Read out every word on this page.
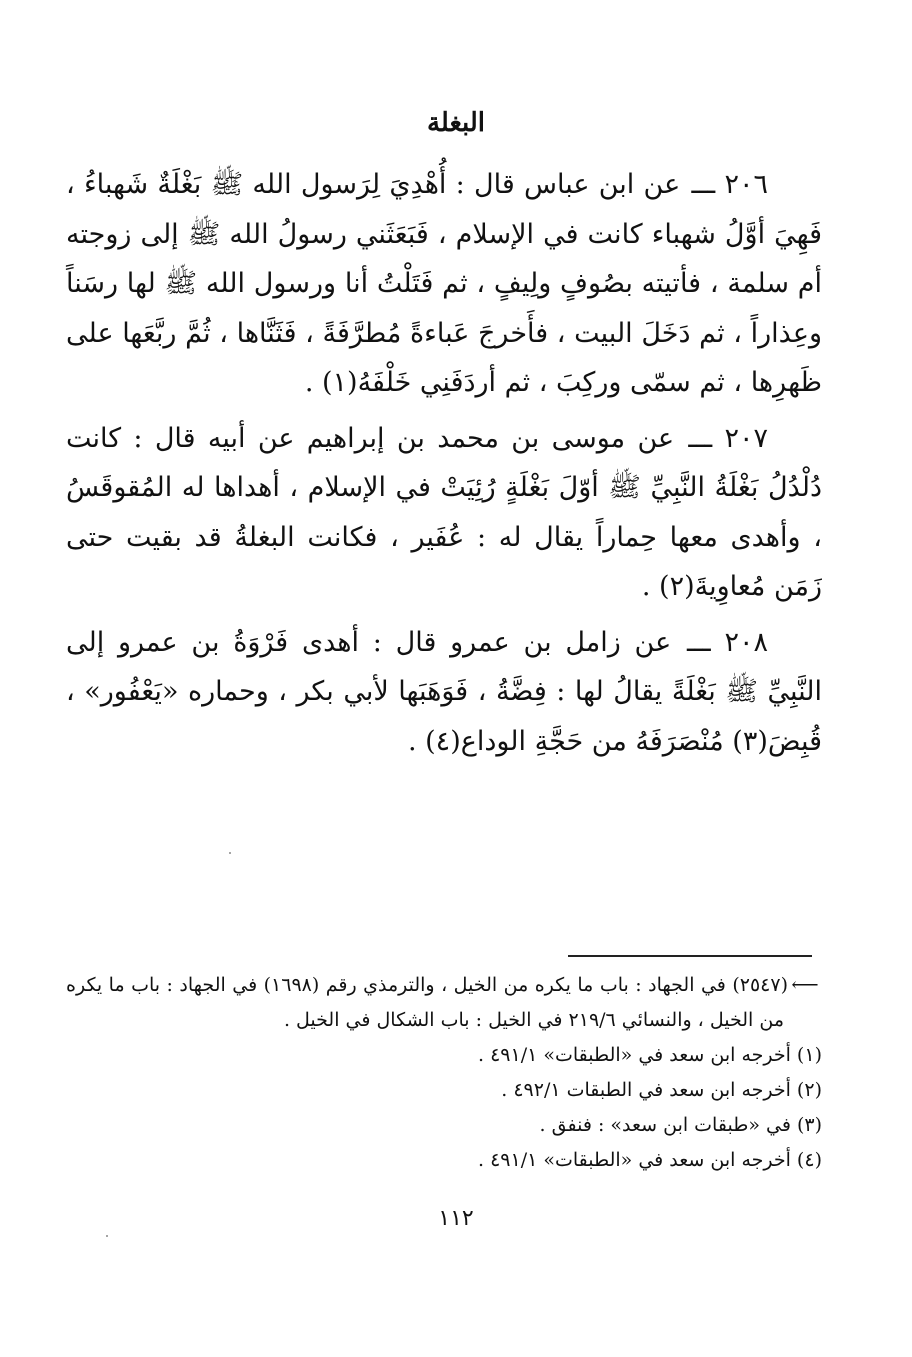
البغلة

٢٠٦ ـــ عن ابن عباس قال : أُهْدِيَ لِرَسول الله ﷺ بَغْلَةٌ شَهباءُ ، فَهِيَ أوَّلُ شهباء كانت في الإسلام ، فَبَعَثَني رسولُ الله ﷺ إلى زوجته أم سلمة ، فأتيته بصُوفٍ ولِيفٍ ، ثم فَتَلْتُ أنا ورسول الله ﷺ لها رسَناً وعِذاراً ، ثم دَخَلَ البيت ، فأَخرجَ عَباءةً مُطرَّفَةً ، فَثَنَّاها ، ثُمَّ ربَّعَها على ظَهرِها ، ثم سمّى وركِبَ ، ثم أردَفَنِي خَلْفَهُ(١) .

٢٠٧ ـــ عن موسى بن محمد بن إبراهيم عن أبيه قال : كانت دُلْدُلُ بَغْلَةُ النَّبِيِّ ﷺ أوّلَ بَغْلَةٍ رُئِيَتْ في الإسلام ، أهداها له المُقوقَسُ ، وأهدى معها حِماراً يقال له : عُفَير ، فكانت البغلةُ قد بقيت حتى زَمَن مُعاوِيةَ(٢) .

٢٠٨ ـــ عن زامل بن عمرو قال : أهدى فَرْوَةُ بن عمرو إلى النَّبِيِّ ﷺ بَغْلَةً يقالُ لها : فِضَّةُ ، فَوَهَبَها لأبي بكر ، وحماره «يَعْفُور» ، قُبِضَ(٣) مُنْصَرَفَهُ من حَجَّةِ الوداع(٤) .

⟵(٢٥٤٧) في الجهاد : باب ما يكره من الخيل ، والترمذي رقم (١٦٩٨) في الجهاد : باب ما يكره من الخيل ، والنسائي ٢١٩/٦ في الخيل : باب الشكال في الخيل .
(١) أخرجه ابن سعد في «الطبقات» ٤٩١/١ .
(٢) أخرجه ابن سعد في الطبقات ٤٩٢/١ .
(٣) في «طبقات ابن سعد» : فنفق .
(٤) أخرجه ابن سعد في «الطبقات» ٤٩١/١ .
١١٢
